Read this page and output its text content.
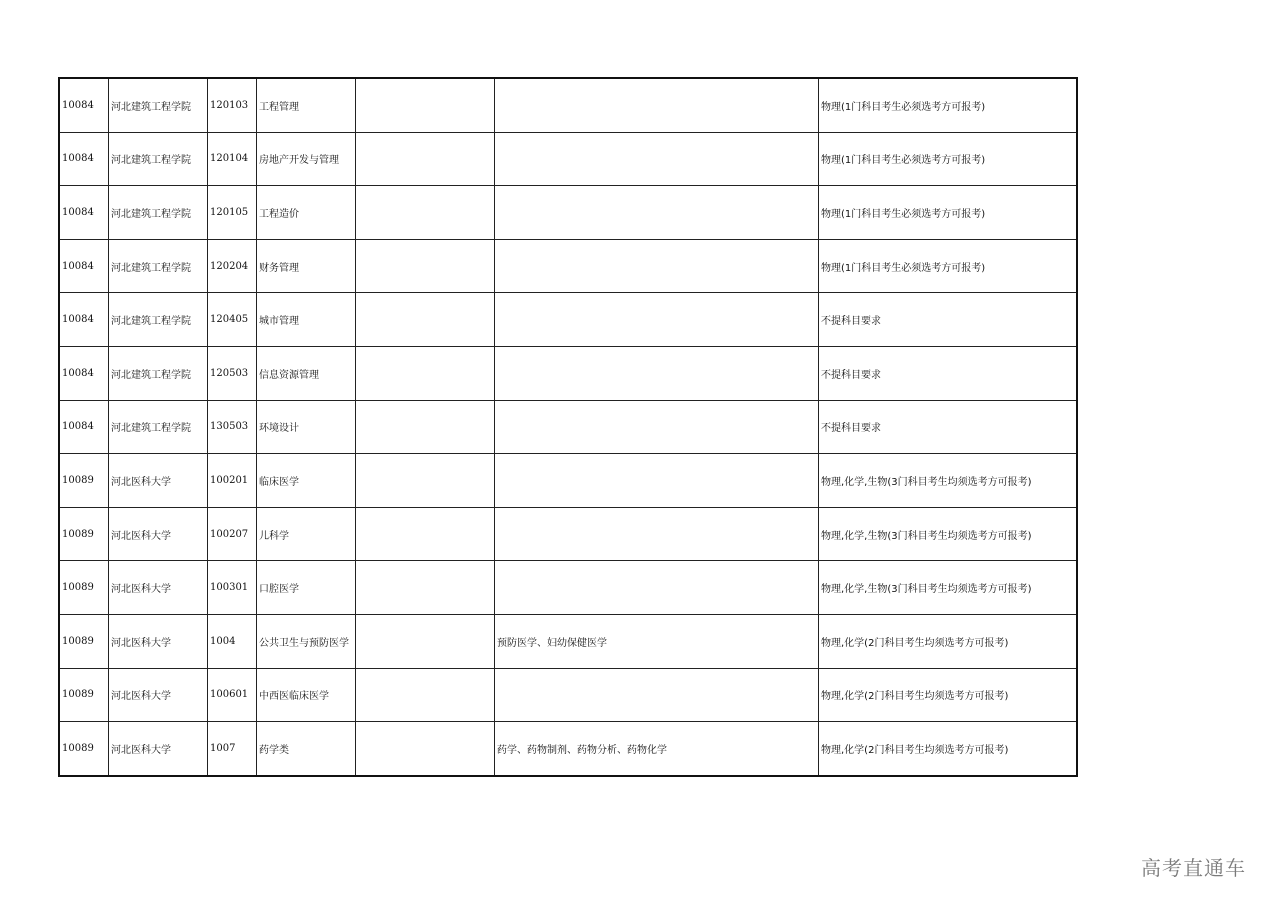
10084	河北建筑工程学院	120103	工程管理			物理(1门科目考生必须选考方可报考)
10084	河北建筑工程学院	120104	房地产开发与管理			物理(1门科目考生必须选考方可报考)
10084	河北建筑工程学院	120105	工程造价			物理(1门科目考生必须选考方可报考)
10084	河北建筑工程学院	120204	财务管理			物理(1门科目考生必须选考方可报考)
10084	河北建筑工程学院	120405	城市管理			不提科目要求
10084	河北建筑工程学院	120503	信息资源管理			不提科目要求
10084	河北建筑工程学院	130503	环境设计			不提科目要求
10089	河北医科大学	100201	临床医学			物理,化学,生物(3门科目考生均须选考方可报考)
10089	河北医科大学	100207	儿科学			物理,化学,生物(3门科目考生均须选考方可报考)
10089	河北医科大学	100301	口腔医学			物理,化学,生物(3门科目考生均须选考方可报考)
10089	河北医科大学	1004	公共卫生与预防医学		预防医学、妇幼保健医学	物理,化学(2门科目考生均须选考方可报考)
10089	河北医科大学	100601	中西医临床医学			物理,化学(2门科目考生均须选考方可报考)
10089	河北医科大学	1007	药学类		药学、药物制剂、药物分析、药物化学	物理,化学(2门科目考生均须选考方可报考)
高考直通车
